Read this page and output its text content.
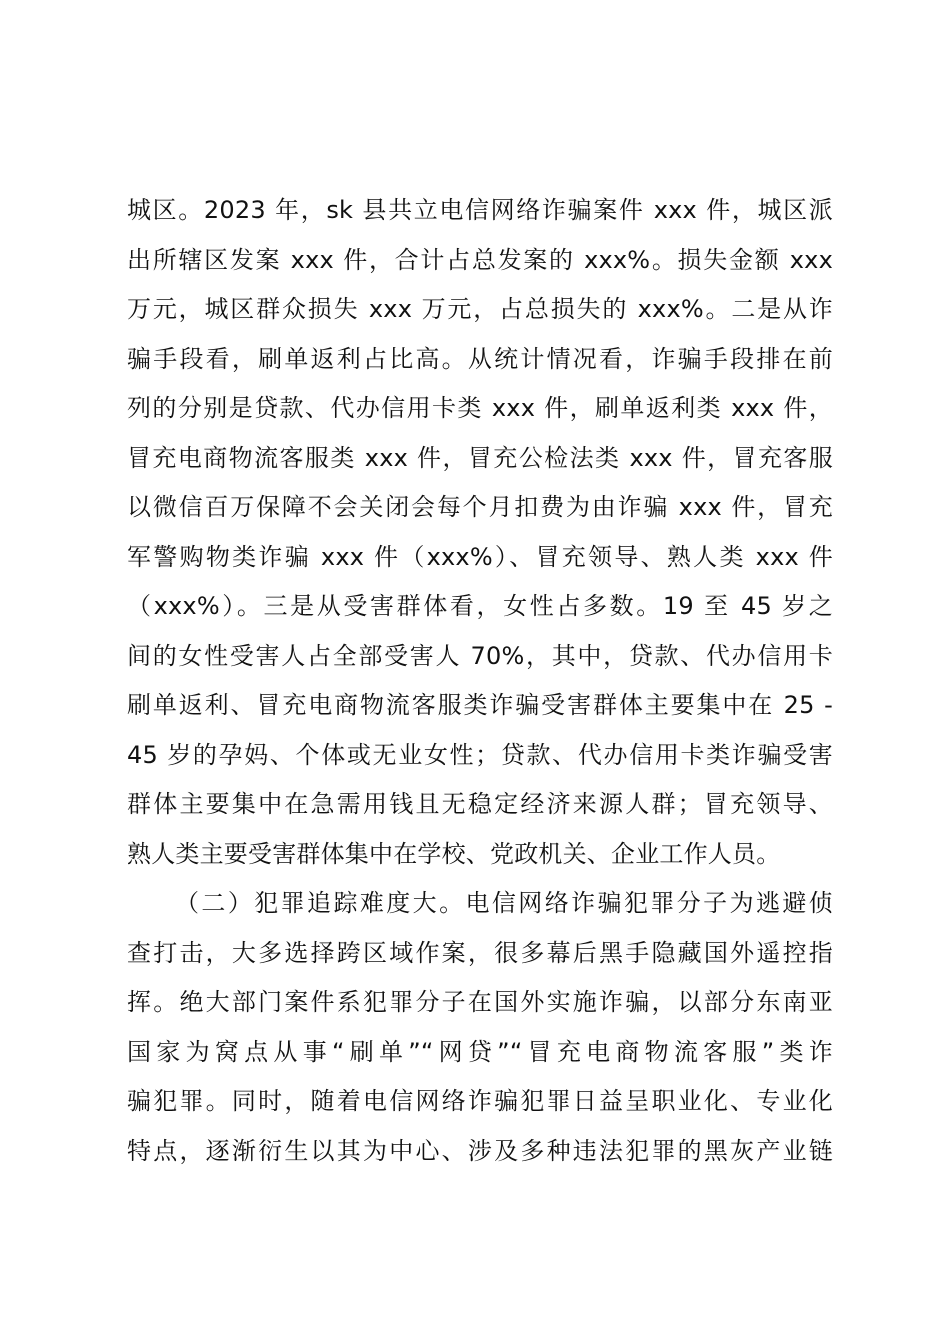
城区。2023 年，sk 县共立电信网络诈骗案件 xxx 件，城区派
出所辖区发案 xxx 件，合计占总发案的 xxx%。损失金额 xxx
万元，城区群众损失 xxx 万元，占总损失的 xxx%。二是从诈
骗手段看，刷单返利占比高。从统计情况看，诈骗手段排在前
列的分别是贷款、代办信用卡类 xxx 件，刷单返利类 xxx 件，
冒充电商物流客服类 xxx 件，冒充公检法类 xxx 件，冒充客服
以微信百万保障不会关闭会每个月扣费为由诈骗 xxx 件，冒充
军警购物类诈骗 xxx 件（xxx%）、冒充领导、熟人类 xxx 件
（xxx%）。三是从受害群体看，女性占多数。19 至 45 岁之
间的女性受害人占全部受害人 70%，其中，贷款、代办信用卡
刷单返利、冒充电商物流客服类诈骗受害群体主要集中在 25 -
45 岁的孕妈、个体或无业女性；贷款、代办信用卡类诈骗受害
群体主要集中在急需用钱且无稳定经济来源人群；冒充领导、
熟人类主要受害群体集中在学校、党政机关、企业工作人员。
（二）犯罪追踪难度大。电信网络诈骗犯罪分子为逃避侦
查打击，大多选择跨区域作案，很多幕后黑手隐藏国外遥控指
挥。绝大部门案件系犯罪分子在国外实施诈骗，以部分东南亚
国家为窝点从事“刷单”“网贷”“冒充电商物流客服”类诈
骗犯罪。同时，随着电信网络诈骗犯罪日益呈职业化、专业化
特点，逐渐衍生以其为中心、涉及多种违法犯罪的黑灰产业链
